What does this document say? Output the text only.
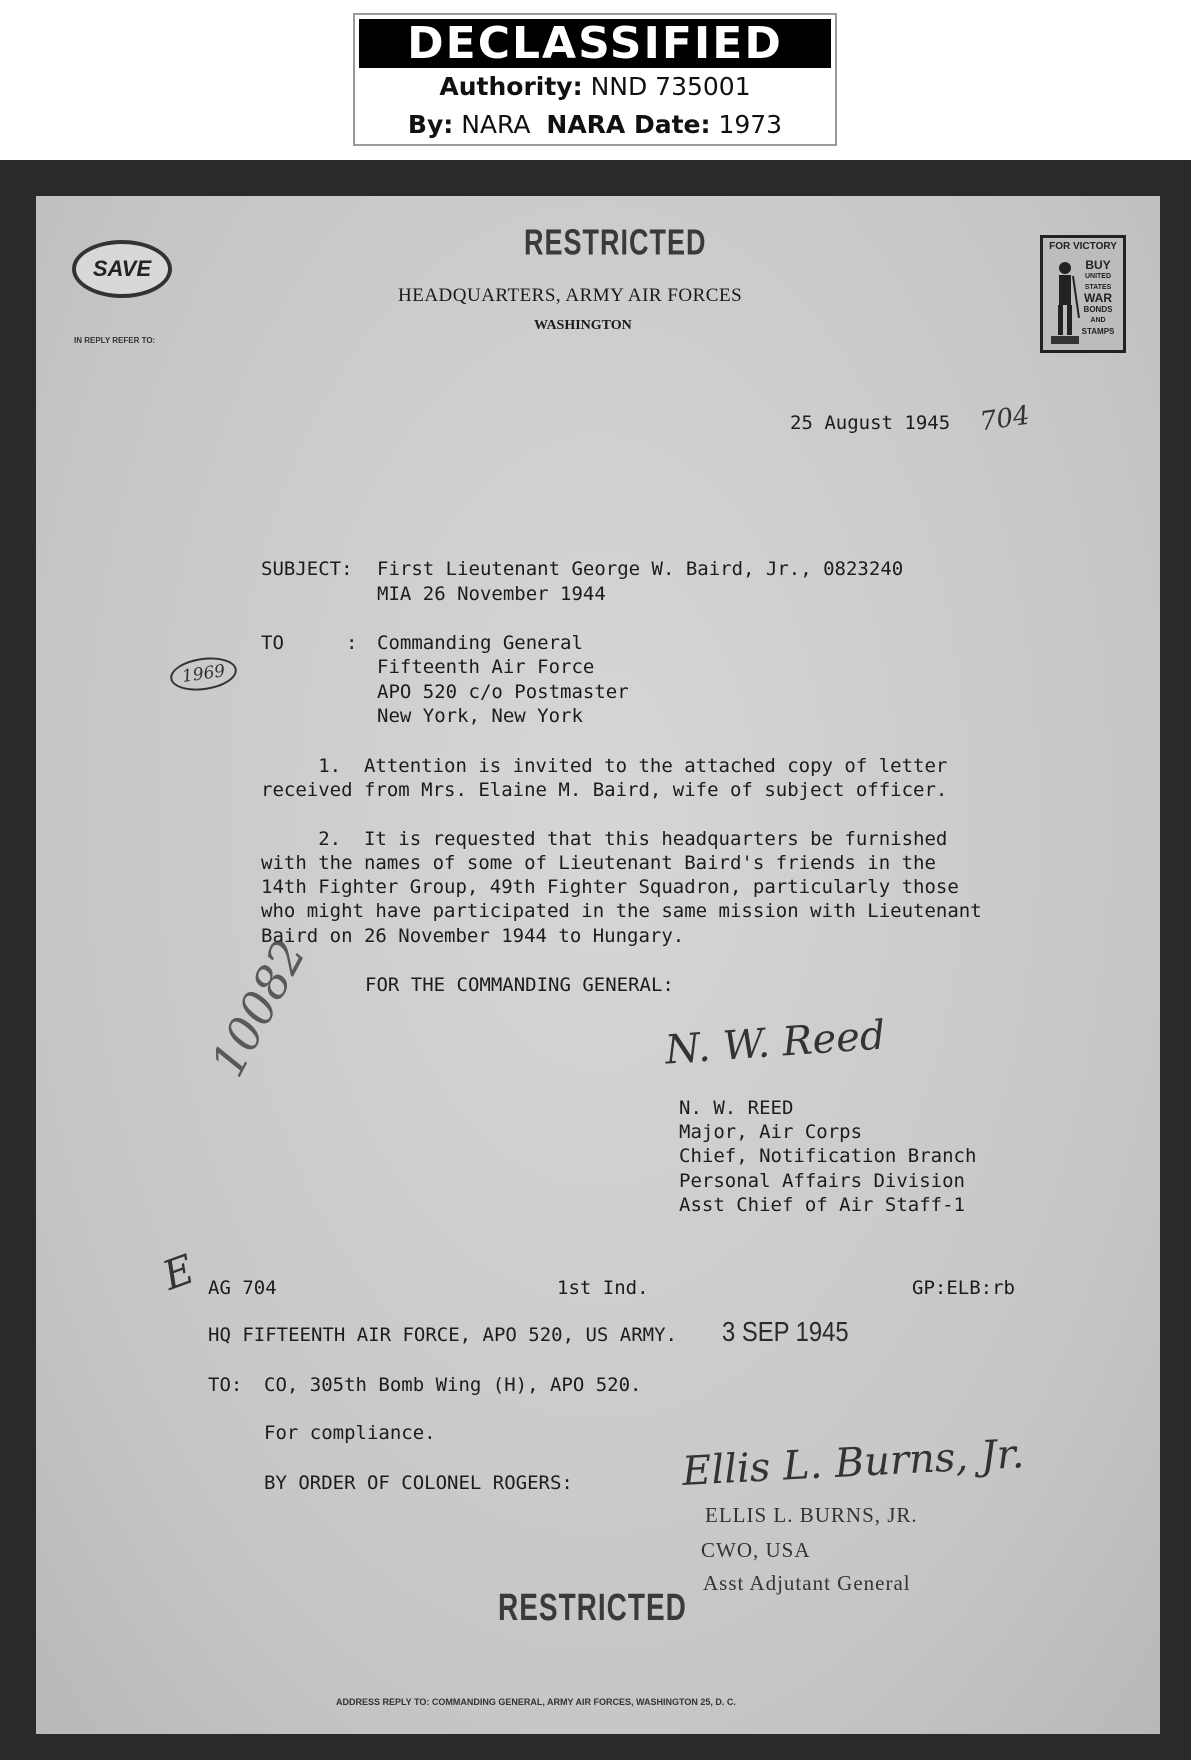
DECLASSIFIED
Authority: NND 735001
By: NARA NARA Date: 1973
SAVE
RESTRICTED
HEADQUARTERS, ARMY AIR FORCES
WASHINGTON
IN REPLY REFER TO:
FOR VICTORY
BUY
UNITED
STATES
WAR
BONDS
AND
STAMPS
25 August 1945 704
SUBJECT: First Lieutenant George W. Baird, Jr., 0823240
MIA 26 November 1944
TO	: Commanding General
Fifteenth Air Force
APO 520 c/o Postmaster
New York, New York
1969
1.  Attention is invited to the attached copy of letter
received from Mrs. Elaine M. Baird, wife of subject officer.
2.  It is requested that this headquarters be furnished
with the names of some of Lieutenant Baird's friends in the
14th Fighter Group, 49th Fighter Squadron, particularly those
who might have participated in the same mission with Lieutenant
Baird on 26 November 1944 to Hungary.
FOR THE COMMANDING GENERAL:
N. W. Reed
10082
N. W. REED
Major, Air Corps
Chief, Notification Branch
Personal Affairs Division
Asst Chief of Air Staff-1
E AG 704	1st Ind.	GP:ELB:rb
HQ FIFTEENTH AIR FORCE, APO 520, US ARMY. 3 SEP 1945
TO: CO, 305th Bomb Wing (H), APO 520.
For compliance.
BY ORDER OF COLONEL ROGERS:	Ellis L. Burns, Jr.
ELLIS L. BURNS, JR.
CWO, USA
Asst Adjutant General
RESTRICTED
ADDRESS REPLY TO: COMMANDING GENERAL, ARMY AIR FORCES, WASHINGTON 25, D. C.
